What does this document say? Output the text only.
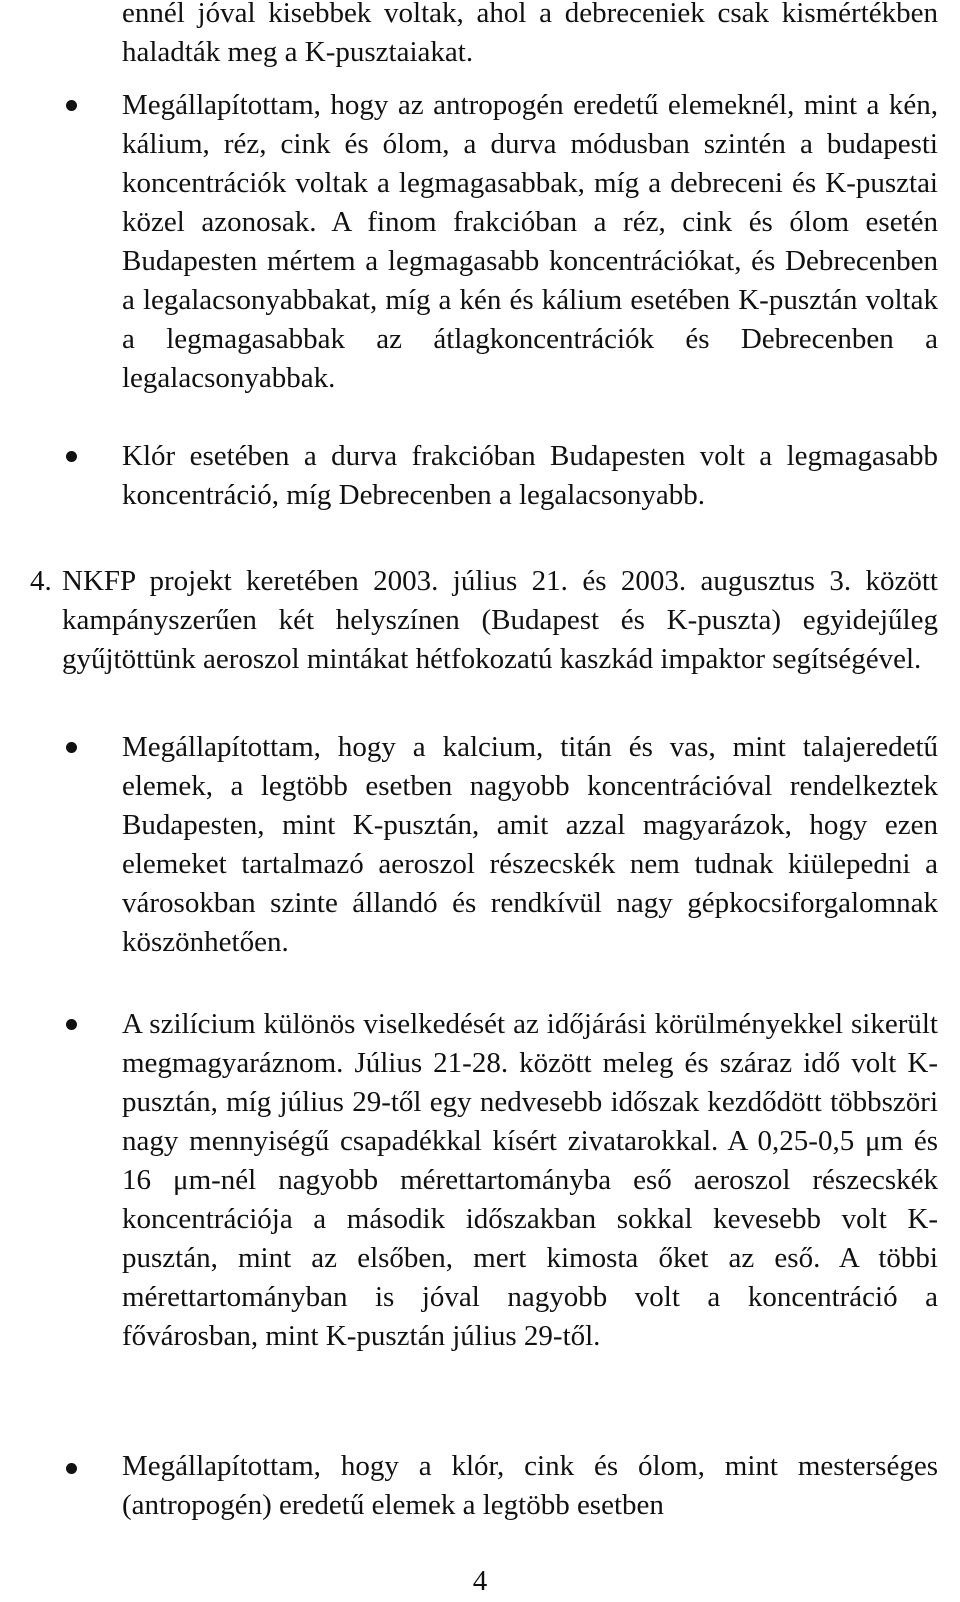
ennél jóval kisebbek voltak, ahol a debreceniek csak kismértékben haladták meg a K-pusztaiakat.
Megállapítottam, hogy az antropogén eredetű elemeknél, mint a kén, kálium, réz, cink és ólom, a durva módusban szintén a budapesti koncentrációk voltak a legmagasabbak, míg a debreceni és K-pusztai közel azonosak. A finom frakcióban a réz, cink és ólom esetén Budapesten mértem a legmagasabb koncentrációkat, és Debrecenben a legalacsonyabbakat, míg a kén és kálium esetében K-pusztán voltak a legmagasabbak az átlagkoncentrációk és Debrecenben a legalacsonyabbak.
Klór esetében a durva frakcióban Budapesten volt a legmagasabb koncentráció, míg Debrecenben a legalacsonyabb.
4. NKFP projekt keretében 2003. július 21. és 2003. augusztus 3. között kampányszerűen két helyszínen (Budapest és K-puszta) egyidejűleg gyűjtöttünk aeroszol mintákat hétfokozatú kaszkád impaktor segítségével.
Megállapítottam, hogy a kalcium, titán és vas, mint talajeredetű elemek, a legtöbb esetben nagyobb koncentrációval rendelkeztek Budapesten, mint K-pusztán, amit azzal magyarázok, hogy ezen elemeket tartalmazó aeroszol részecskék nem tudnak kiülepedni a városokban szinte állandó és rendkívül nagy gépkocsiforgalomnak köszönhetően.
A szilícium különös viselkedését az időjárási körülményekkel sikerült megmagyaráznom. Július 21-28. között meleg és száraz idő volt K-pusztán, míg július 29-től egy nedvesebb időszak kezdődött többszöri nagy mennyiségű csapadékkal kísért zivatarokkal. A 0,25-0,5 μm és 16 μm-nél nagyobb mérettartományba eső aeroszol részecskék koncentrációja a második időszakban sokkal kevesebb volt K-pusztán, mint az elsőben, mert kimosta őket az eső. A többi mérettartományban is jóval nagyobb volt a koncentráció a fővárosban, mint K-pusztán július 29-től.
Megállapítottam, hogy a klór, cink és ólom, mint mesterséges (antropogén) eredetű elemek a legtöbb esetben
4
